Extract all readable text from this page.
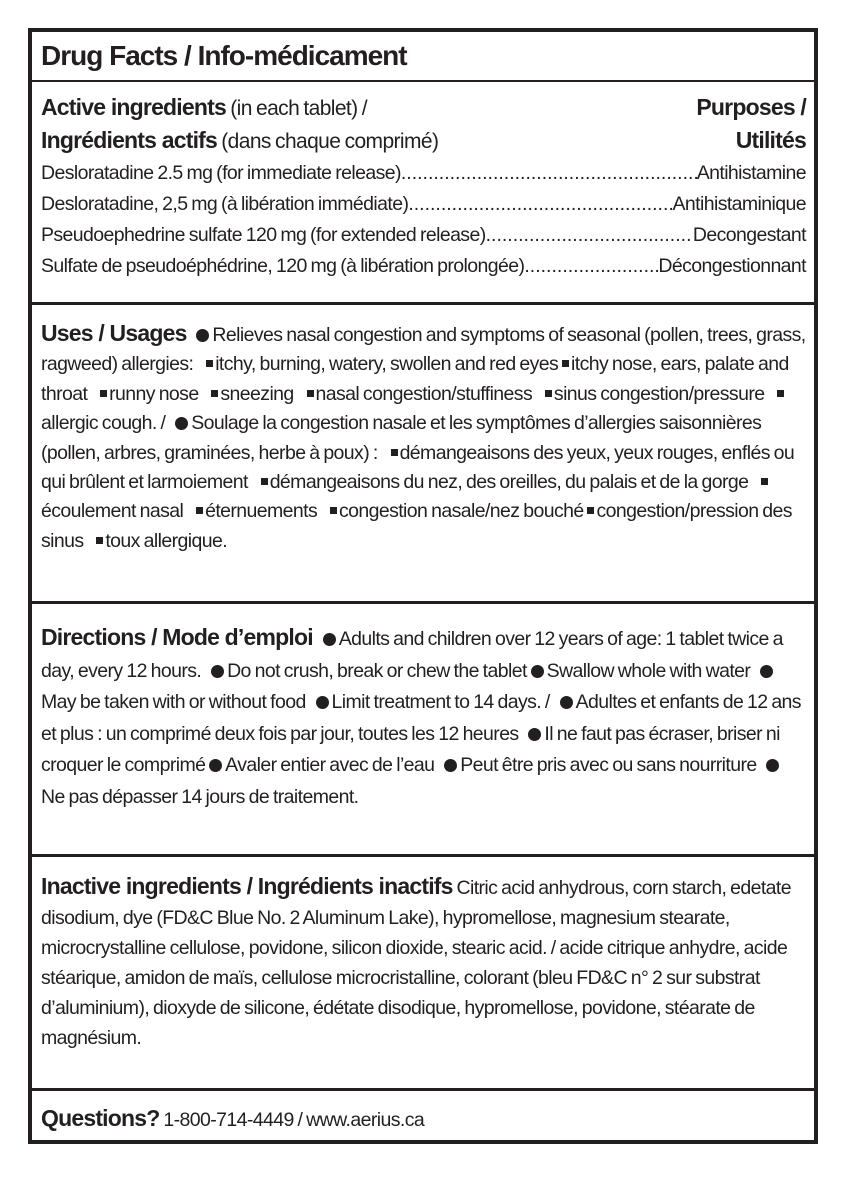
Drug Facts / Info-médicament
Active ingredients (in each tablet) /	Purposes /
Ingrédients actifs (dans chaque comprimé)	Utilités
Desloratadine 2.5 mg (for immediate release) .....	Antihistamine
Desloratadine, 2,5 mg (à libération immédiate) .....	Antihistaminique
Pseudoephedrine sulfate 120 mg (for extended release) .....	Decongestant
Sulfate de pseudoéphédrine, 120 mg (à libération prolongée) .....	Décongestionnant
Uses / Usages Relieves nasal congestion and symptoms of seasonal (pollen, trees, grass, ragweed) allergies: itchy, burning, watery, swollen and red eyes itchy nose, ears, palate and throat runny nose sneezing nasal congestion/stuffiness sinus congestion/pressure allergic cough. / Soulage la congestion nasale et les symptômes d’allergies saisonnières (pollen, arbres, graminées, herbe à poux) : démangeaisons des yeux, yeux rouges, enflés ou qui brûlent et larmoiement démangeaisons du nez, des oreilles, du palais et de la gorge écoulement nasal éternuements congestion nasale/nez bouché congestion/pression des sinus toux allergique.
Directions / Mode d’emploi Adults and children over 12 years of age: 1 tablet twice a day, every 12 hours. Do not crush, break or chew the tablet Swallow whole with water May be taken with or without food Limit treatment to 14 days. / Adultes et enfants de 12 ans et plus : un comprimé deux fois par jour, toutes les 12 heures Il ne faut pas écraser, briser ni croquer le comprimé Avaler entier avec de l’eau Peut être pris avec ou sans nourriture Ne pas dépasser 14 jours de traitement.
Inactive ingredients / Ingrédients inactifs Citric acid anhydrous, corn starch, edetate disodium, dye (FD&C Blue No. 2 Aluminum Lake), hypromellose, magnesium stearate, microcrystalline cellulose, povidone, silicon dioxide, stearic acid. / acide citrique anhydre, acide stéarique, amidon de maïs, cellulose microcristalline, colorant (bleu FD&C n° 2 sur substrat d’aluminium), dioxyde de silicone, édétate disodique, hypromellose, povidone, stéarate de magnésium.
Questions? 1-800-714-4449 / www.aerius.ca
